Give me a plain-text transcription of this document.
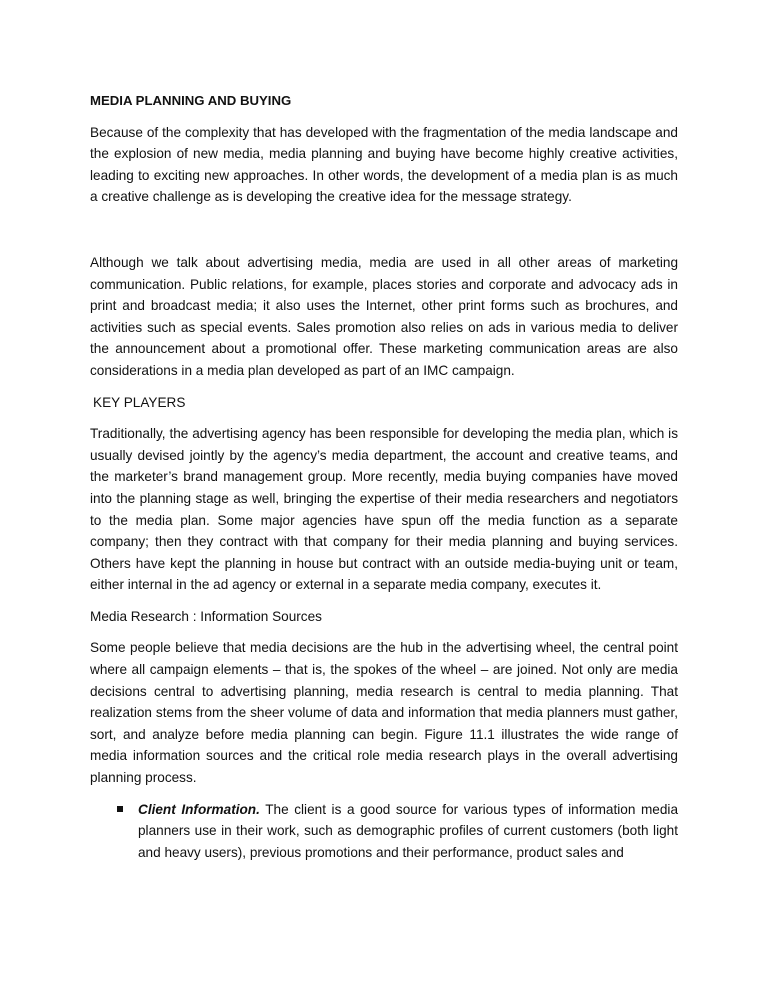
MEDIA PLANNING AND BUYING

Because of the complexity that has developed with the fragmentation of the media landscape and the explosion of new media, media planning and buying have become highly creative activities, leading to exciting new approaches. In other words, the development of a media plan is as much a creative challenge as is developing the creative idea for the message strategy.

Although we talk about advertising media, media are used in all other areas of marketing communication. Public relations, for example, places stories and corporate and advocacy ads in print and broadcast media; it also uses the Internet, other print forms such as brochures, and activities such as special events. Sales promotion also relies on ads in various media to deliver the announcement about a promotional offer. These marketing communication areas are also considerations in a media plan developed as part of an IMC campaign.

KEY PLAYERS

Traditionally, the advertising agency has been responsible for developing the media plan, which is usually devised jointly by the agency’s media department, the account and creative teams, and the marketer’s brand management group. More recently, media buying companies have moved into the planning stage as well, bringing the expertise of their media researchers and negotiators to the media plan. Some major agencies have spun off the media function as a separate company; then they contract with that company for their media planning and buying services. Others have kept the planning in house but contract with an outside media-buying unit or team, either internal in the ad agency or external in a separate media company, executes it.

Media Research : Information Sources

Some people believe that media decisions are the hub in the advertising wheel, the central point where all campaign elements – that is, the spokes of the wheel – are joined. Not only are media decisions central to advertising planning, media research is central to media planning. That realization stems from the sheer volume of data and information that media planners must gather, sort, and analyze before media planning can begin. Figure 11.1 illustrates the wide range of media information sources and the critical role media research plays in the overall advertising planning process.

Client Information. The client is a good source for various types of information media planners use in their work, such as demographic profiles of current customers (both light and heavy users), previous promotions and their performance, product sales and
